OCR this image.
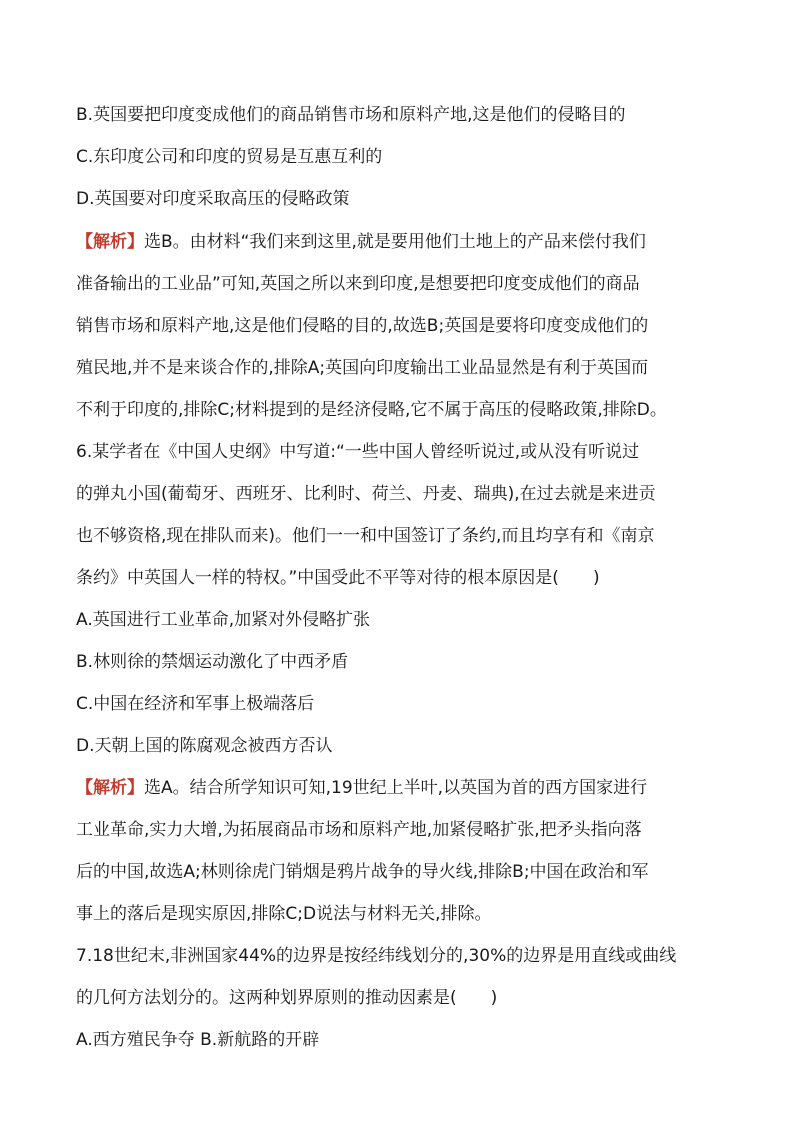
B.英国要把印度变成他们的商品销售市场和原料产地,这是他们的侵略目的
C.东印度公司和印度的贸易是互惠互利的
D.英国要对印度采取高压的侵略政策
【解析】选B。由材料“我们来到这里,就是要用他们土地上的产品来偿付我们
准备输出的工业品”可知,英国之所以来到印度,是想要把印度变成他们的商品
销售市场和原料产地,这是他们侵略的目的,故选B;英国是要将印度变成他们的
殖民地,并不是来谈合作的,排除A;英国向印度输出工业品显然是有利于英国而
不利于印度的,排除C;材料提到的是经济侵略,它不属于高压的侵略政策,排除D。
6.某学者在《中国人史纲》中写道:“一些中国人曾经听说过,或从没有听说过
的弹丸小国(葡萄牙、西班牙、比利时、荷兰、丹麦、瑞典),在过去就是来进贡
也不够资格,现在排队而来)。他们一一和中国签订了条约,而且均享有和《南京
条约》中英国人一样的特权。”中国受此不平等对待的根本原因是(　　)
A.英国进行工业革命,加紧对外侵略扩张
B.林则徐的禁烟运动激化了中西矛盾
C.中国在经济和军事上极端落后
D.天朝上国的陈腐观念被西方否认
【解析】选A。结合所学知识可知,19世纪上半叶,以英国为首的西方国家进行
工业革命,实力大增,为拓展商品市场和原料产地,加紧侵略扩张,把矛头指向落
后的中国,故选A;林则徐虎门销烟是鸦片战争的导火线,排除B;中国在政治和军
事上的落后是现实原因,排除C;D说法与材料无关,排除。
7.18世纪末,非洲国家44%的边界是按经纬线划分的,30%的边界是用直线或曲线
的几何方法划分的。这两种划界原则的推动因素是(　　)
A.西方殖民争夺 B.新航路的开辟
